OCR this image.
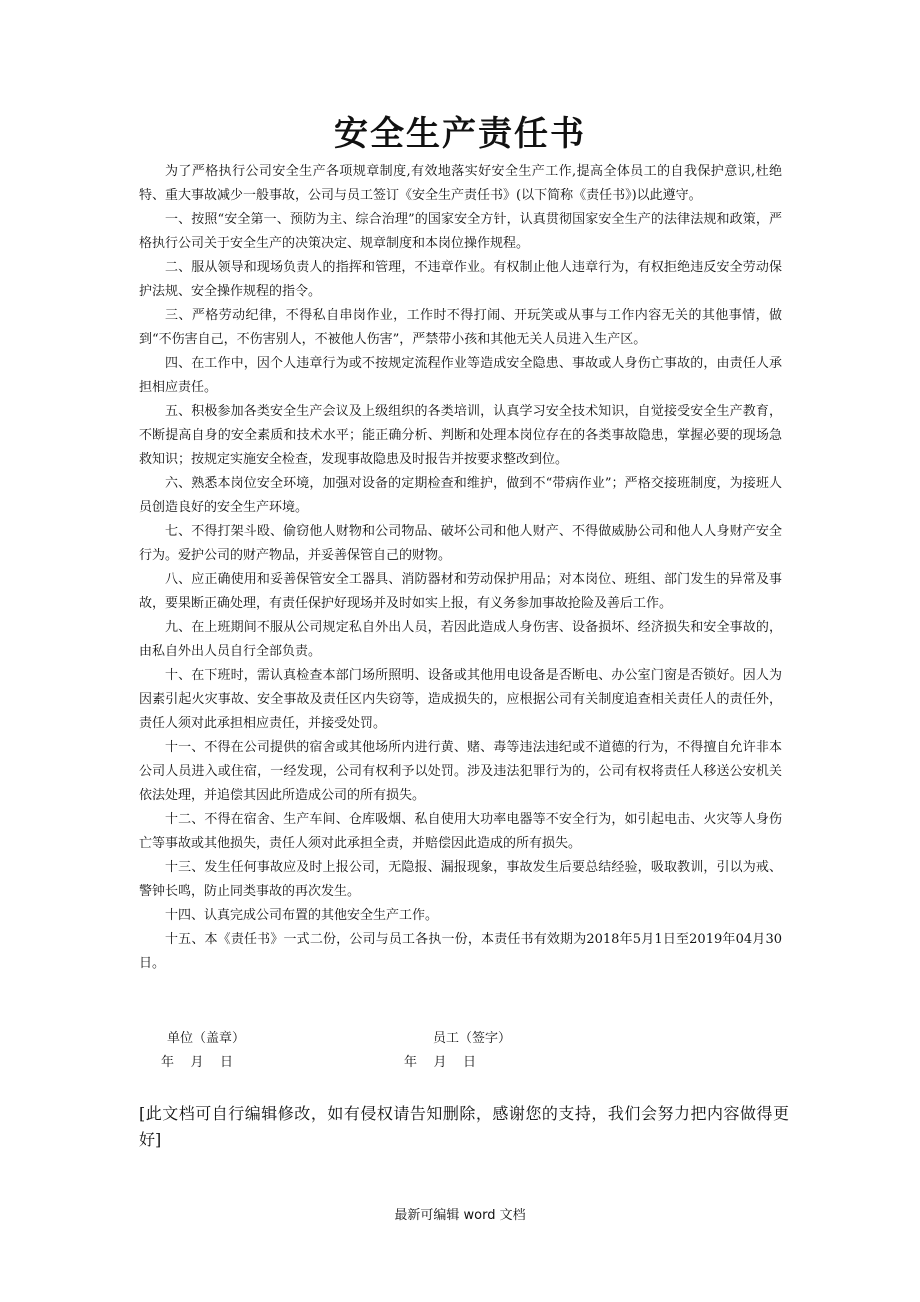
安全生产责任书

为了严格执行公司安全生产各项规章制度,有效地落实好安全生产工作,提高全体员工的自我保护意识,杜绝特、重大事故减少一般事故，公司与员工签订《安全生产责任书》(以下简称《责任书》)以此遵守。

一、按照“安全第一、预防为主、综合治理”的国家安全方针，认真贯彻国家安全生产的法律法规和政策，严格执行公司关于安全生产的决策决定、规章制度和本岗位操作规程。

二、服从领导和现场负责人的指挥和管理，不违章作业。有权制止他人违章行为，有权拒绝违反安全劳动保护法规、安全操作规程的指令。

三、严格劳动纪律，不得私自串岗作业，工作时不得打闹、开玩笑或从事与工作内容无关的其他事情，做到“不伤害自己，不伤害别人，不被他人伤害”，严禁带小孩和其他无关人员进入生产区。

四、在工作中，因个人违章行为或不按规定流程作业等造成安全隐患、事故或人身伤亡事故的，由责任人承担相应责任。

五、积极参加各类安全生产会议及上级组织的各类培训，认真学习安全技术知识，自觉接受安全生产教育，不断提高自身的安全素质和技术水平；能正确分析、判断和处理本岗位存在的各类事故隐患，掌握必要的现场急救知识；按规定实施安全检查，发现事故隐患及时报告并按要求整改到位。

六、熟悉本岗位安全环境，加强对设备的定期检查和维护，做到不“带病作业”；严格交接班制度，为接班人员创造良好的安全生产环境。

七、不得打架斗殴、偷窃他人财物和公司物品、破坏公司和他人财产、不得做威胁公司和他人人身财产安全行为。爱护公司的财产物品，并妥善保管自己的财物。

八、应正确使用和妥善保管安全工器具、消防器材和劳动保护用品；对本岗位、班组、部门发生的异常及事故，要果断正确处理，有责任保护好现场并及时如实上报，有义务参加事故抢险及善后工作。

九、在上班期间不服从公司规定私自外出人员，若因此造成人身伤害、设备损坏、经济损失和安全事故的，由私自外出人员自行全部负责。

十、在下班时，需认真检查本部门场所照明、设备或其他用电设备是否断电、办公室门窗是否锁好。因人为因素引起火灾事故、安全事故及责任区内失窃等，造成损失的，应根据公司有关制度追查相关责任人的责任外，责任人须对此承担相应责任，并接受处罚。

十一、不得在公司提供的宿舍或其他场所内进行黄、赌、毒等违法违纪或不道德的行为，不得擅自允许非本公司人员进入或住宿，一经发现，公司有权利予以处罚。涉及违法犯罪行为的，公司有权将责任人移送公安机关依法处理，并追偿其因此所造成公司的所有损失。

十二、不得在宿舍、生产车间、仓库吸烟、私自使用大功率电器等不安全行为，如引起电击、火灾等人身伤亡等事故或其他损失，责任人须对此承担全责，并赔偿因此造成的所有损失。

十三、发生任何事故应及时上报公司，无隐报、漏报现象，事故发生后要总结经验，吸取教训，引以为戒、警钟长鸣，防止同类事故的再次发生。

十四、认真完成公司布置的其他安全生产工作。

十五、本《责任书》一式二份，公司与员工各执一份，本责任书有效期为2018年5月1日至2019年04月30日。

单位（盖章）	员工（签字）
年    月    日	年    月    日
[此文档可自行编辑修改，如有侵权请告知删除，感谢您的支持，我们会努力把内容做得更好]
最新可编辑 word 文档
